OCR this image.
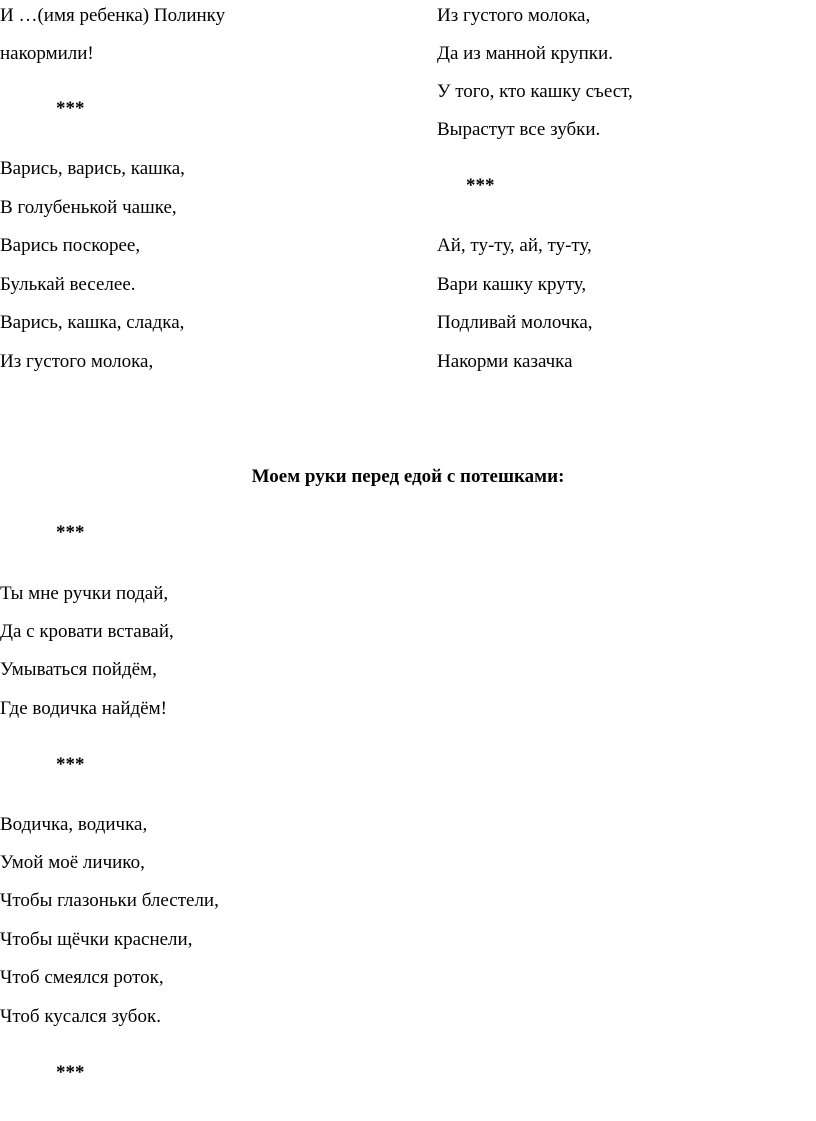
И …(имя ребенка) Полинку
накормили!
***
Варись, варись, кашка,
В голубенькой чашке,
Варись поскорее,
Булькай веселее.
Варись, кашка, сладка,
Из густого молока,
Из густого молока,
Да из манной крупки.
У того, кто кашку съест,
Вырастут все зубки.
***
Ай, ту-ту, ай, ту-ту,
Вари кашку круту,
Подливай молочка,
Накорми казачка
Моем руки перед едой с потешками:
***
Ты мне ручки подай,
Да с кровати вставай,
Умываться пойдём,
Где водичка найдём!
***
Водичка, водичка,
Умой моё личико,
Чтобы глазоньки блестели,
Чтобы щёчки краснели,
Чтоб смеялся роток,
Чтоб кусался зубок.
***
